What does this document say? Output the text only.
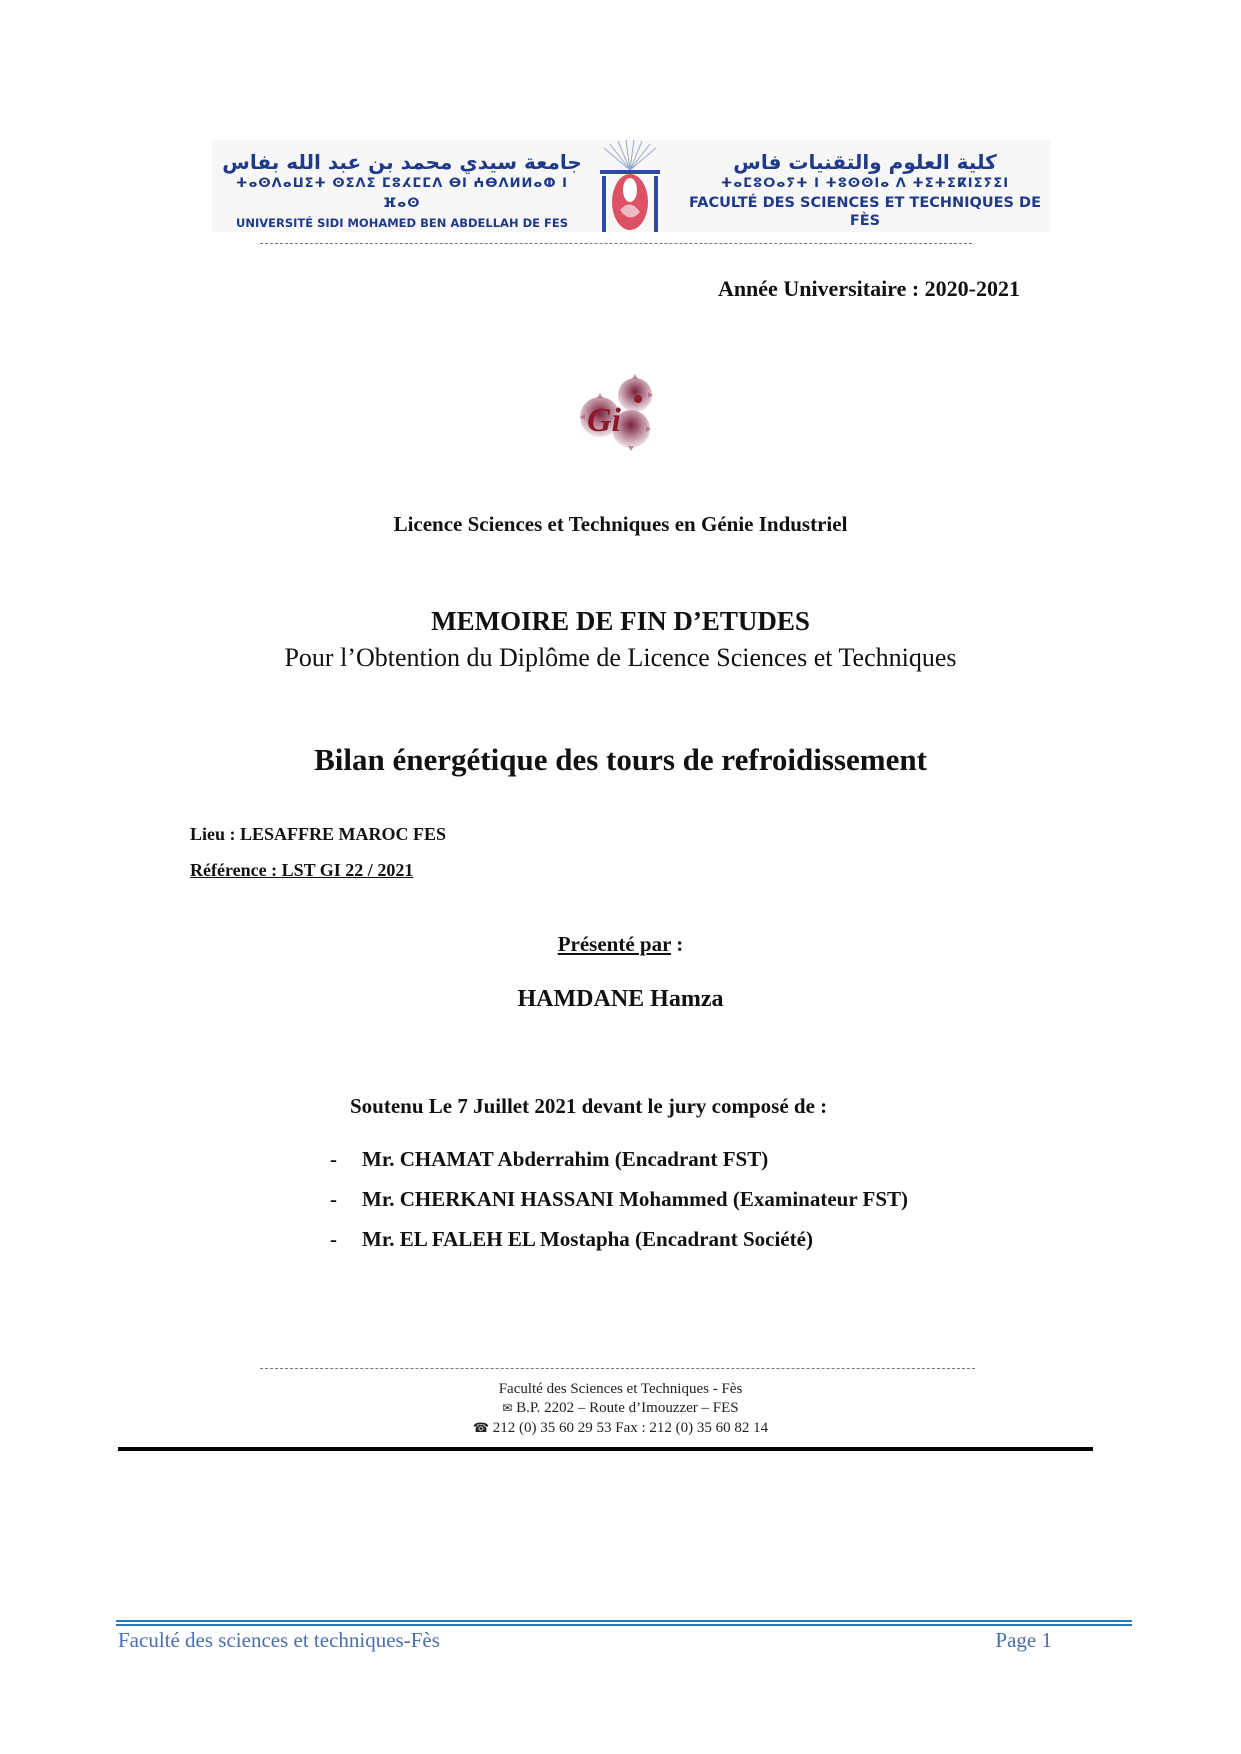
جامعة سيدي محمد بن عبد الله بفاس
ⵜⴰⵙⴷⴰⵡⵉⵜ ⵙⵉⴷⵉ ⵎⵓⵃⵎⵎⴷ ⴱⵏ ⵄⴱⴷⵍⵍⴰⵀ ⵏ ⴼⴰⵙ
UNIVERSITÉ SIDI MOHAMED BEN ABDELLAH DE FES
كلية العلوم والتقنيات فاس
ⵜⴰⵎⵓⵔⴰⵢⵜ ⵏ ⵜⵓⵙⵙⵏⴰ ⴷ ⵜⵉⵜⵉⴽⵏⵉⵢⵉⵏ
FACULTÉ DES SCIENCES ET TECHNIQUES DE FÈS
Année Universitaire : 2020-2021
Gi
Licence Sciences et Techniques en Génie Industriel
MEMOIRE DE FIN D’ETUDES
Pour l’Obtention du Diplôme de Licence Sciences et Techniques
Bilan énergétique des tours de refroidissement
Lieu : LESAFFRE MAROC FES
Référence : LST GI 22 / 2021
Présenté par :
HAMDANE Hamza
Soutenu Le 7 Juillet 2021 devant le jury composé de :
- Mr. CHAMAT Abderrahim (Encadrant FST)
- Mr. CHERKANI HASSANI Mohammed (Examinateur FST)
- Mr. EL FALEH EL Mostapha (Encadrant Société)
Faculté des Sciences et Techniques - Fès
✉ B.P. 2202 – Route d’Imouzzer – FES
☎ 212 (0) 35 60 29 53 Fax : 212 (0) 35 60 82 14
Faculté des sciences et techniques-Fès	Page 1
